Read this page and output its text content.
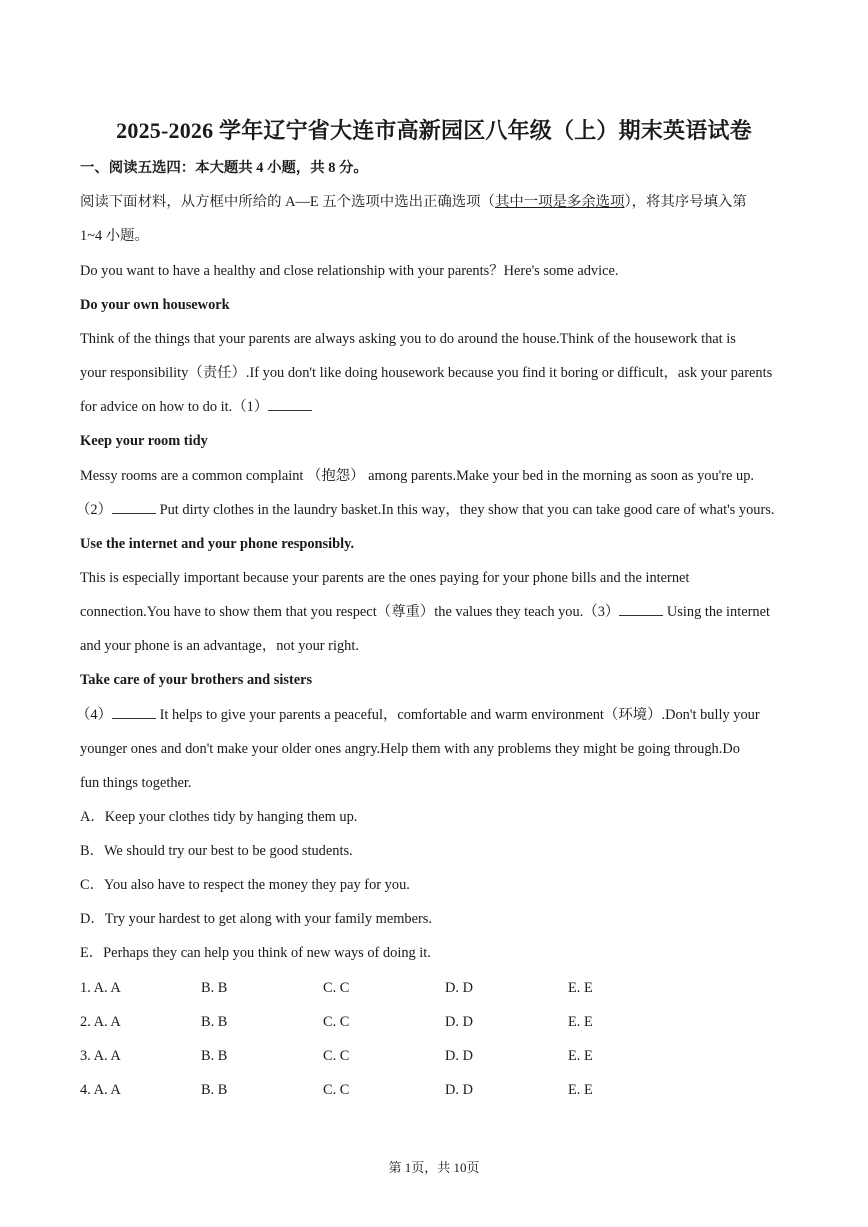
2025-2026 学年辽宁省大连市高新园区八年级（上）期末英语试卷
一、阅读五选四：本大题共 4 小题，共 8 分。
阅读下面材料，从方框中所给的 A—E 五个选项中选出正确选项（其中一项是多余选项），将其序号填入第
1~4 小题。
Do you want to have a healthy and close relationship with your parents？Here's some advice.
Do your own housework
Think of the things that your parents are always asking you to do around the house.Think of the housework that is
your responsibility（责任）.If you don't like doing housework because you find it boring or difficult，ask your parents
for advice on how to do it.（1）
Keep your room tidy
Messy rooms are a common complaint （抱怨） among parents.Make your bed in the morning as soon as you're up.
（2）	Put dirty clothes in the laundry basket.In this way，they show that you can take good care of what's yours.
Use the internet and your phone responsibly.
This is especially important because your parents are the ones paying for your phone bills and the internet
connection.You have to show them that you respect（尊重）the values they teach you.（3）	Using the internet
and your phone is an advantage，not your right.
Take care of your brothers and sisters
（4）	It helps to give your parents a peaceful，comfortable and warm environment（环境）.Don't bully your
younger ones and don't make your older ones angry.Help them with any problems they might be going through.Do
fun things together.
A．Keep your clothes tidy by hanging them up.
B．We should try our best to be good students.
C．You also have to respect the money they pay for you.
D．Try your hardest to get along with your family members.
E．Perhaps they can help you think of new ways of doing it.
1. A. A	B. B	C. C	D. D	E. E
2. A. A	B. B	C. C	D. D	E. E
3. A. A	B. B	C. C	D. D	E. E
4. A. A	B. B	C. C	D. D	E. E
第 1页，共 10页
